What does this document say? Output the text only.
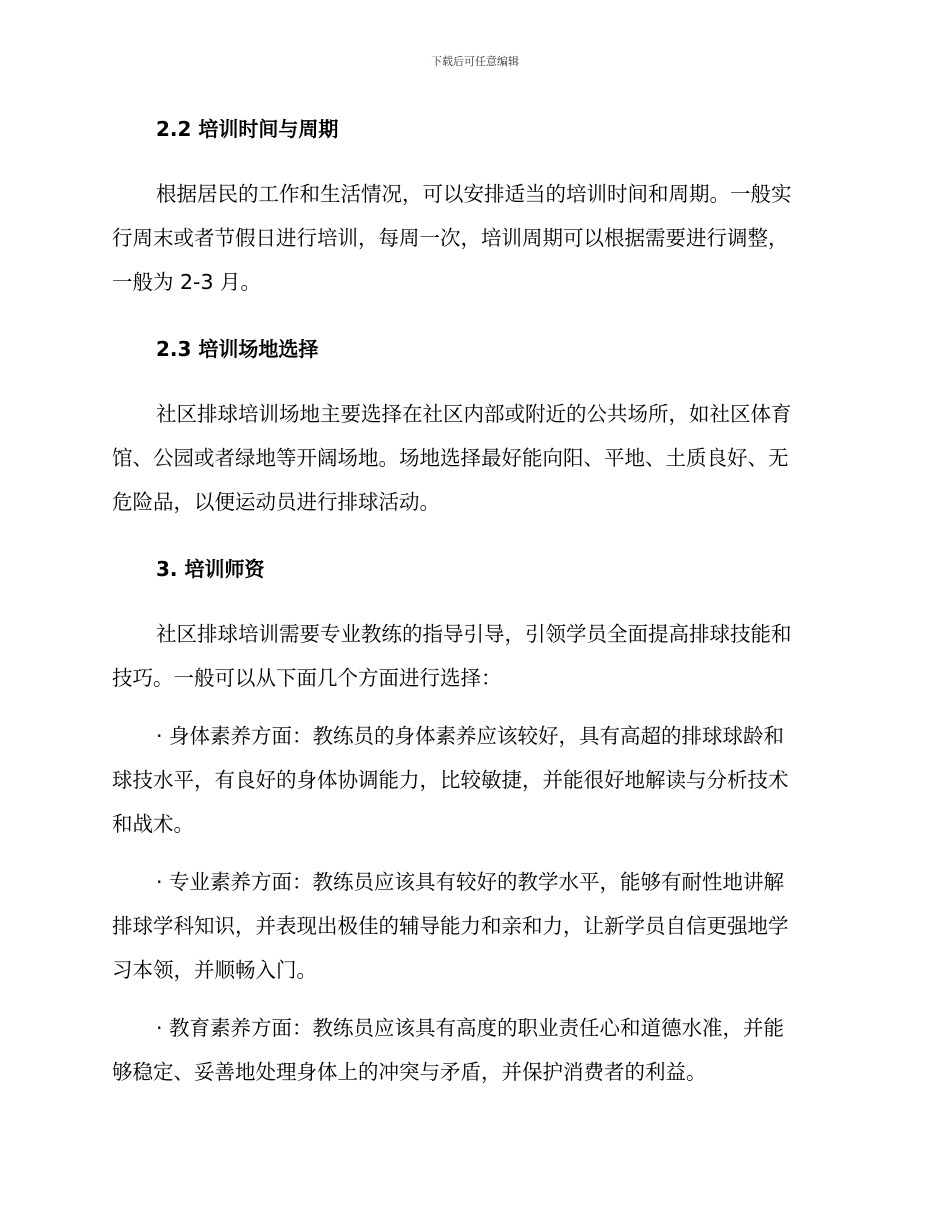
下载后可任意编辑
2.2 培训时间与周期
根据居民的工作和生活情况，可以安排适当的培训时间和周期。一般实
行周末或者节假日进行培训，每周一次，培训周期可以根据需要进行调整，
一般为 2-3 月。
2.3 培训场地选择
社区排球培训场地主要选择在社区内部或附近的公共场所，如社区体育
馆、公园或者绿地等开阔场地。场地选择最好能向阳、平地、土质良好、无
危险品，以便运动员进行排球活动。
3. 培训师资
社区排球培训需要专业教练的指导引导，引领学员全面提高排球技能和
技巧。一般可以从下面几个方面进行选择：
· 身体素养方面：教练员的身体素养应该较好，具有高超的排球球龄和
球技水平，有良好的身体协调能力，比较敏捷，并能很好地解读与分析技术
和战术。
· 专业素养方面：教练员应该具有较好的教学水平，能够有耐性地讲解
排球学科知识，并表现出极佳的辅导能力和亲和力，让新学员自信更强地学
习本领，并顺畅入门。
· 教育素养方面：教练员应该具有高度的职业责任心和道德水准，并能
够稳定、妥善地处理身体上的冲突与矛盾，并保护消费者的利益。
